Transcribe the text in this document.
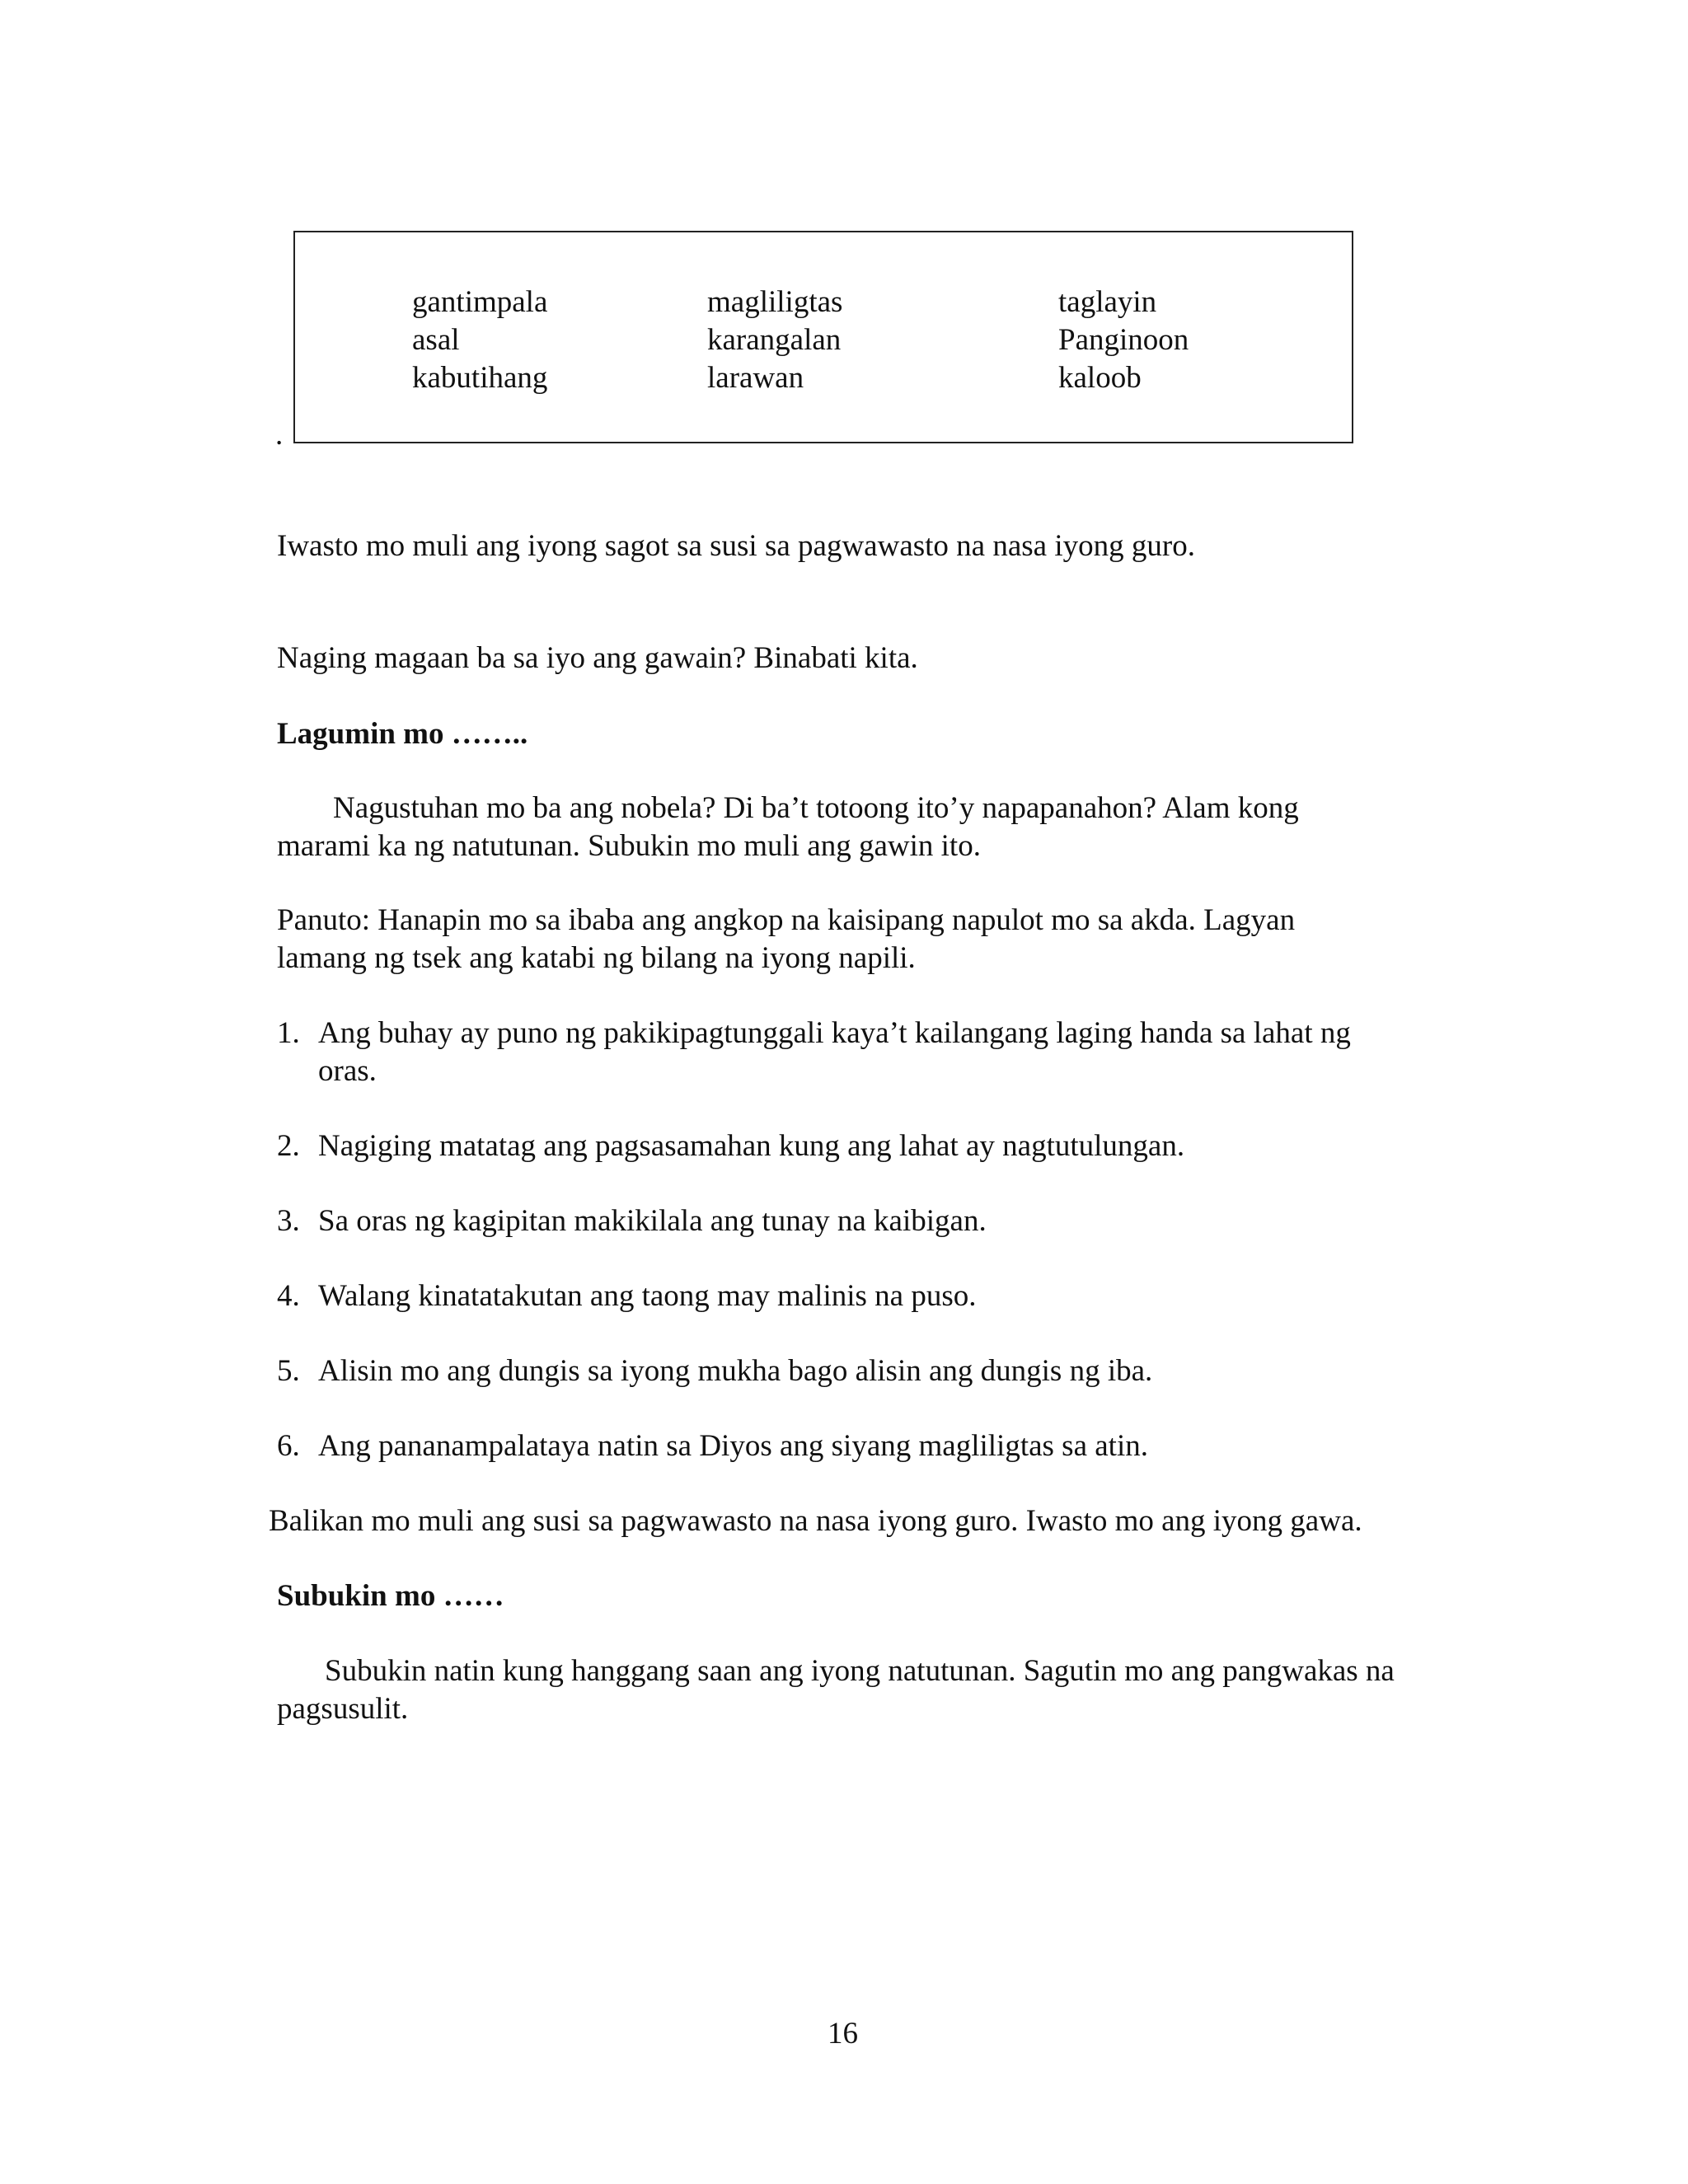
gantimpala
asal
kabutihang
magliligtas
karangalan
larawan
taglayin
Panginoon
kaloob
.
Iwasto mo muli ang iyong sagot sa susi sa pagwawasto na nasa iyong guro.
Naging magaan ba sa iyo ang gawain? Binabati kita.
Lagumin mo ……..
Nagustuhan mo ba ang nobela? Di ba’t totoong ito’y napapanahon? Alam kong
marami ka ng natutunan. Subukin mo muli ang gawin ito.
Panuto: Hanapin mo sa ibaba ang angkop na kaisipang napulot mo sa akda. Lagyan
lamang ng tsek ang katabi ng bilang na iyong napili.
1. Ang buhay ay puno ng pakikipagtunggali kaya’t kailangang laging handa sa lahat ng
oras.
2. Nagiging matatag ang pagsasamahan kung ang lahat ay nagtutulungan.
3. Sa oras ng kagipitan makikilala ang tunay na kaibigan.
4. Walang kinatatakutan ang taong may malinis na puso.
5. Alisin mo ang dungis sa iyong mukha bago alisin ang dungis ng iba.
6. Ang pananampalataya natin sa Diyos ang siyang magliligtas sa atin.
Balikan mo muli ang susi sa pagwawasto na nasa iyong guro. Iwasto mo ang iyong gawa.
Subukin mo ……
Subukin natin kung hanggang saan ang iyong natutunan. Sagutin mo ang pangwakas na
pagsusulit.
16
